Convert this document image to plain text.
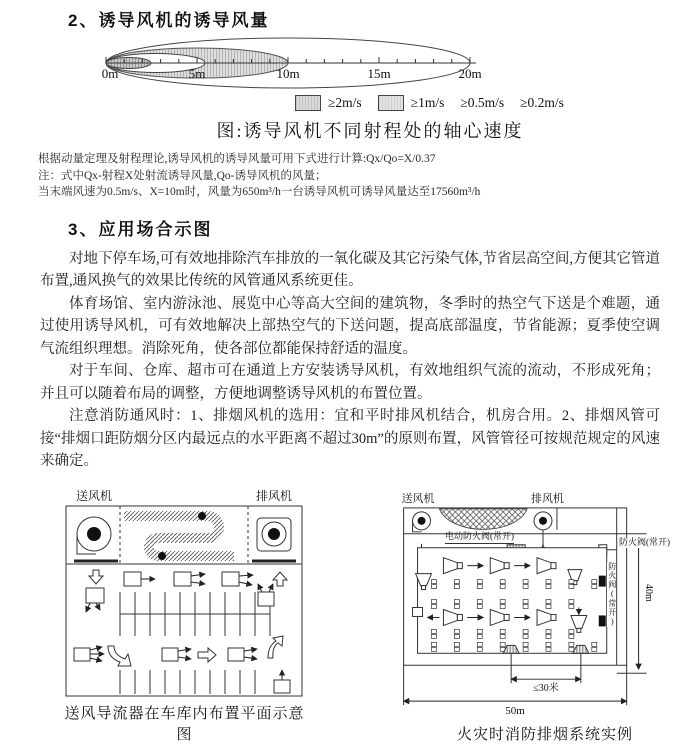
2、诱导风机的诱导风量
0m	5m	10m	15m	20m
≥2m/s	≥1m/s ≥0.5m/s ≥0.2m/s
图:诱导风机不同射程处的轴心速度
根据动量定理及射程理论,诱导风机的诱导风量可用下式进行计算:Qx/Qo=X/0.37
注：式中Qx-射程X处射流诱导风量,Qo-诱导风机的风量；
当末端风速为0.5m/s、X=10m时，风量为650m³/h一台诱导风机可诱导风量达至17560m³/h
3、应用场合示图

对地下停车场,可有效地排除汽车排放的一氧化碳及其它污染气体,节省层高空间,方便其它管道布置,通风换气的效果比传统的风管通风系统更佳。

体育场馆、室内游泳池、展览中心等高大空间的建筑物，冬季时的热空气下送是个难题，通过使用诱导风机，可有效地解决上部热空气的下送问题，提高底部温度，节省能源；夏季使空调气流组织理想。消除死角，使各部位都能保持舒适的温度。

对于车间、仓库、超市可在通道上方安装诱导风机，有效地组织气流的流动，不形成死角；并且可以随着布局的调整，方便地调整诱导风机的布置位置。

注意消防通风时：1、排烟风机的选用：宜和平时排风机结合，机房合用。2、排烟风管可接“排烟口距防烟分区内最远点的水平距离不超过30m”的原则布置，风管管径可按规范规定的风速来确定。

送风机	排风机
送风导流器在车库内布置平面示意图
送风机	排风机
电动防火阀(常开)
防火阀(常开)
防火阀(常开)	40m
≤30米
50m
火灾时消防排烟系统实例
